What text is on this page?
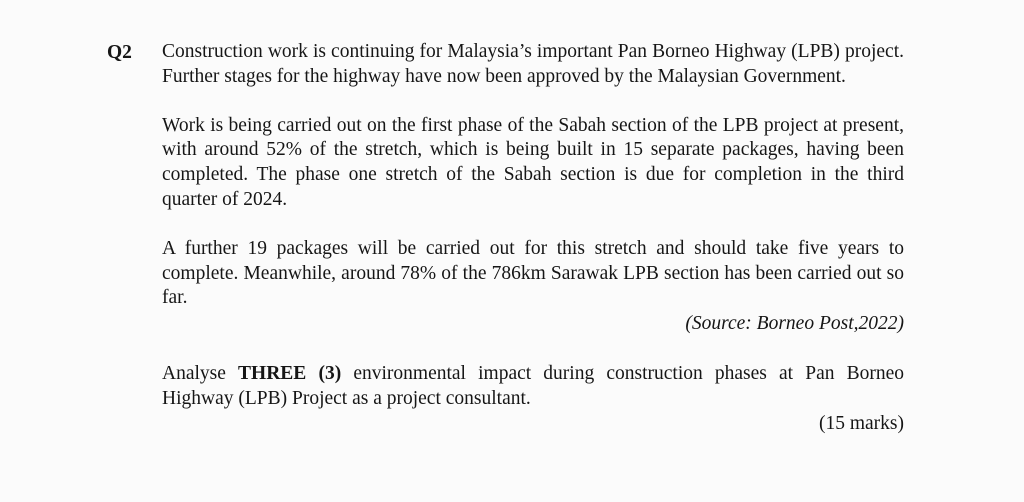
Q2 Construction work is continuing for Malaysia’s important Pan Borneo Highway (LPB) project. Further stages for the highway have now been approved by the Malaysian Government.

Work is being carried out on the first phase of the Sabah section of the LPB project at present, with around 52% of the stretch, which is being built in 15 separate packages, having been completed. The phase one stretch of the Sabah section is due for completion in the third quarter of 2024.

A further 19 packages will be carried out for this stretch and should take five years to complete. Meanwhile, around 78% of the 786km Sarawak LPB section has been carried out so far.

(Source: Borneo Post,2022)

Analyse THREE (3) environmental impact during construction phases at Pan Borneo Highway (LPB) Project as a project consultant.

(15 marks)
